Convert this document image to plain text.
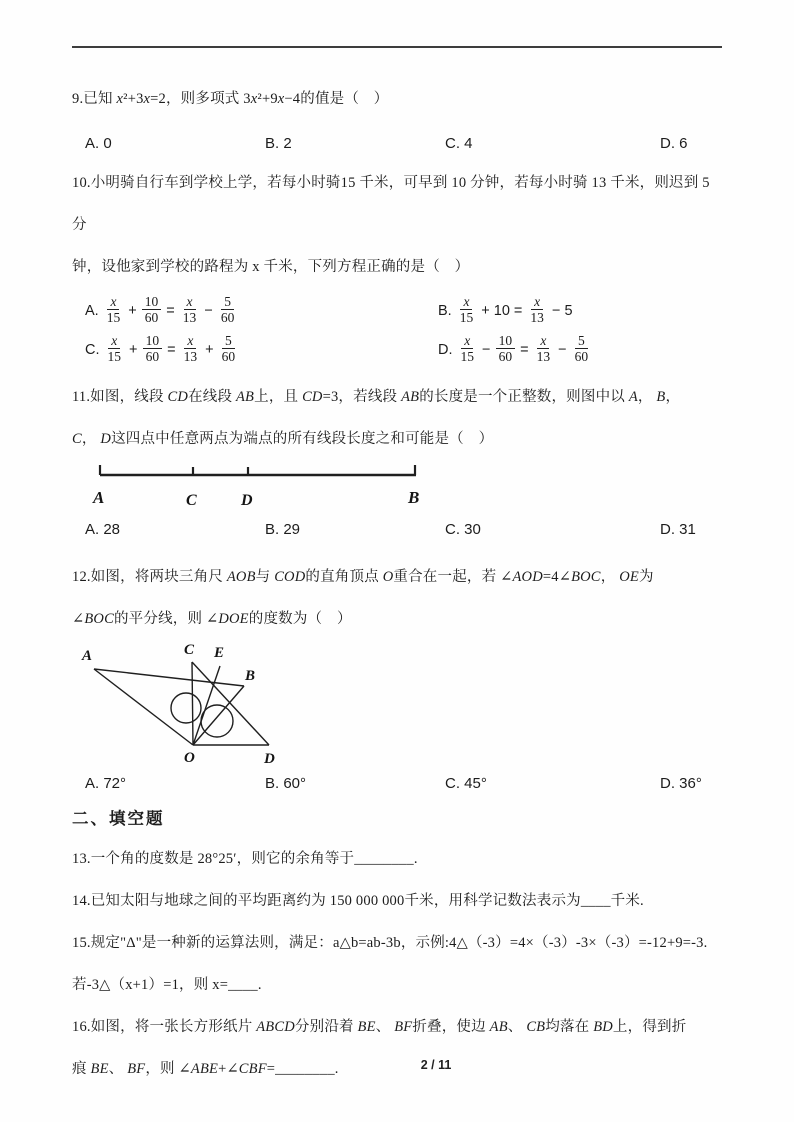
9.已知 x²+3x=2，则多项式 3x²+9x−4的值是（　）
A. 0	B. 2	C. 4	D. 6
10.小明骑自行车到学校上学，若每小时骑15 千米，可早到 10 分钟，若每小时骑 13 千米，则迟到 5 分
钟，设他家到学校的路程为 x 千米，下列方程正确的是（　）
A. $\frac{x}{15} + \frac{10}{60} = \frac{x}{13} - \frac{5}{60}$	B. $\frac{x}{15} + 10 = \frac{x}{13} - 5$
C. $\frac{x}{15} + \frac{10}{60} = \frac{x}{13} + \frac{5}{60}$	D. $\frac{x}{15} - \frac{10}{60} = \frac{x}{13} - \frac{5}{60}$
11.如图，线段 CD在线段 AB上，且 CD=3，若线段 AB的长度是一个正整数，则图中以 A， B，
C， D这四点中任意两点为端点的所有线段长度之和可能是（　）
A	C	D	B
A. 28	B. 29	C. 30	D. 31
12.如图，将两块三角尺 AOB与 COD的直角顶点 O重合在一起，若 ∠AOD=4∠BOC， OE为
∠BOC的平分线，则 ∠DOE的度数为（　）
A	C E
B
O	D
A. 72°	B. 60°	C. 45°	D. 36°
二、填空题
13.一个角的度数是 28°25′，则它的余角等于________.
14.已知太阳与地球之间的平均距离约为 150 000 000千米，用科学记数法表示为____千米.
15.规定"Δ"是一种新的运算法则，满足：a△b=ab-3b，示例:4△（-3）=4×（-3）-3×（-3）=-12+9=-3.
若-3△（x+1）=1，则 x=____.
16.如图，将一张长方形纸片 ABCD分别沿着 BE、 BF折叠，使边 AB、 CB均落在 BD上，得到折
痕 BE、 BF，则 ∠ABE+∠CBF=________.	2 / 11
